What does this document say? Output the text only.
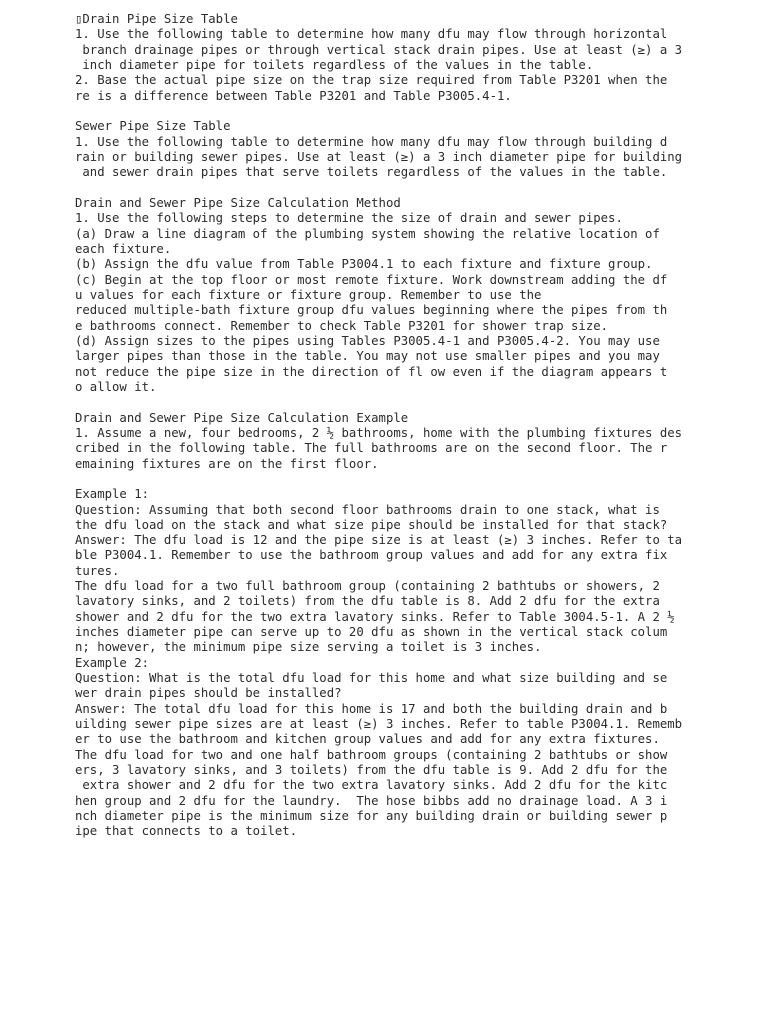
▯Drain Pipe Size Table
1. Use the following table to determine how many dfu may flow through horizontal
branch drainage pipes or through vertical stack drain pipes. Use at least (≥) a 3
inch diameter pipe for toilets regardless of the values in the table.
2. Base the actual pipe size on the trap size required from Table P3201 when the
re is a difference between Table P3201 and Table P3005.4-1.
Sewer Pipe Size Table
1. Use the following table to determine how many dfu may flow through building d
rain or building sewer pipes. Use at least (≥) a 3 inch diameter pipe for building
and sewer drain pipes that serve toilets regardless of the values in the table.
Drain and Sewer Pipe Size Calculation Method
1. Use the following steps to determine the size of drain and sewer pipes.
(a) Draw a line diagram of the plumbing system showing the relative location of
each fixture.
(b) Assign the dfu value from Table P3004.1 to each fixture and fixture group.
(c) Begin at the top floor or most remote fixture. Work downstream adding the df
u values for each fixture or fixture group. Remember to use the
reduced multiple-bath fixture group dfu values beginning where the pipes from th
e bathrooms connect. Remember to check Table P3201 for shower trap size.
(d) Assign sizes to the pipes using Tables P3005.4-1 and P3005.4-2. You may use
larger pipes than those in the table. You may not use smaller pipes and you may
not reduce the pipe size in the direction of fl ow even if the diagram appears t
o allow it.
Drain and Sewer Pipe Size Calculation Example
1. Assume a new, four bedrooms, 2 ½ bathrooms, home with the plumbing fixtures des
cribed in the following table. The full bathrooms are on the second floor. The r
emaining fixtures are on the first floor.
Example 1:
Question: Assuming that both second floor bathrooms drain to one stack, what is
the dfu load on the stack and what size pipe should be installed for that stack?
Answer: The dfu load is 12 and the pipe size is at least (≥) 3 inches. Refer to ta
ble P3004.1. Remember to use the bathroom group values and add for any extra fix
tures.
The dfu load for a two full bathroom group (containing 2 bathtubs or showers, 2
lavatory sinks, and 2 toilets) from the dfu table is 8. Add 2 dfu for the extra
shower and 2 dfu for the two extra lavatory sinks. Refer to Table 3004.5-1. A 2 ½
inches diameter pipe can serve up to 20 dfu as shown in the vertical stack colum
n; however, the minimum pipe size serving a toilet is 3 inches.
Example 2:
Question: What is the total dfu load for this home and what size building and se
wer drain pipes should be installed?
Answer: The total dfu load for this home is 17 and both the building drain and b
uilding sewer pipe sizes are at least (≥) 3 inches. Refer to table P3004.1. Rememb
er to use the bathroom and kitchen group values and add for any extra fixtures.
The dfu load for two and one half bathroom groups (containing 2 bathtubs or show
ers, 3 lavatory sinks, and 3 toilets) from the dfu table is 9. Add 2 dfu for the
extra shower and 2 dfu for the two extra lavatory sinks. Add 2 dfu for the kitc
hen group and 2 dfu for the laundry.  The hose bibbs add no drainage load. A 3 i
nch diameter pipe is the minimum size for any building drain or building sewer p
ipe that connects to a toilet.
